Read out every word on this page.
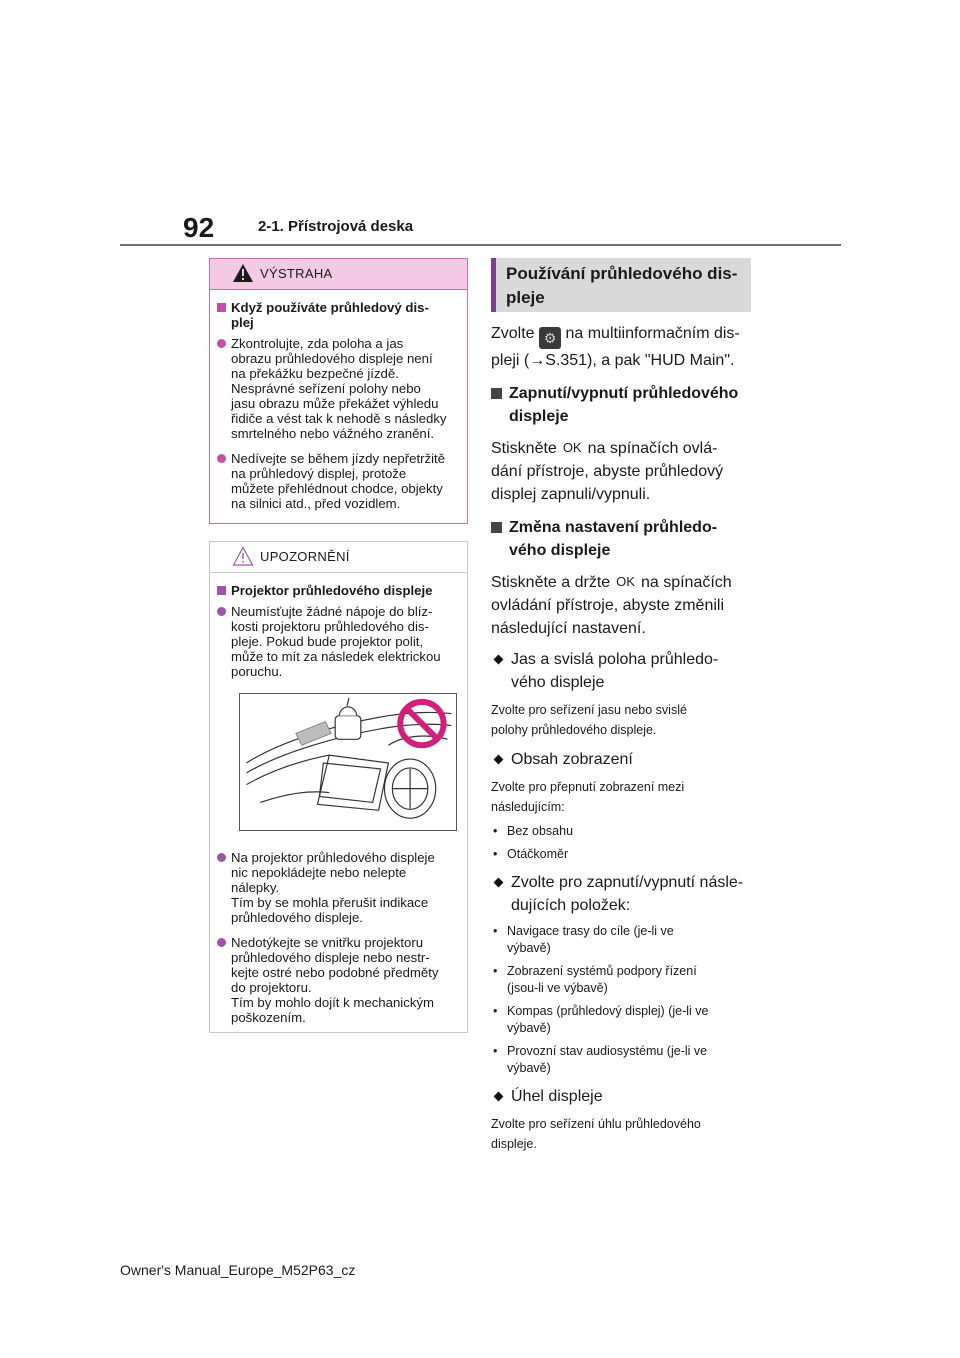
92	2-1. Přístrojová deska
VÝSTRAHA
Když používáte průhledový dis-
plej
Zkontrolujte, zda poloha a jas
obrazu průhledového displeje není
na překážku bezpečné jízdě.
Nesprávné seřízení polohy nebo
jasu obrazu může překážet výhledu
řidiče a vést tak k nehodě s následky
smrtelného nebo vážného zranění.
Nedívejte se během jízdy nepřetržitě
na průhledový displej, protože
můžete přehlédnout chodce, objekty
na silnici atd., před vozidlem.
UPOZORNĚNÍ
Projektor průhledového displeje
Neumísťujte žádné nápoje do blíz-
kosti projektoru průhledového dis-
pleje. Pokud bude projektor polit,
může to mít za následek elektrickou
poruchu.
Na projektor průhledového displeje
nic nepokládejte nebo nelepte
nálepky.
Tím by se mohla přerušit indikace
průhledového displeje.
Nedotýkejte se vnitřku projektoru
průhledového displeje nebo nestr-
kejte ostré nebo podobné předměty
do projektoru.
Tím by mohlo dojít k mechanickým
poškozením.
Používání průhledového dis-
pleje
Zvolte ⚙ na multiinformačním dis-
pleji (→S.351), a pak "HUD Main".
Zapnutí/vypnutí průhledového
displeje
Stiskněte OK na spínačích ovlá-
dání přístroje, abyste průhledový
displej zapnuli/vypnuli.
Změna nastavení průhledo-
vého displeje
Stiskněte a držte OK na spínačích
ovládání přístroje, abyste změnili
následující nastavení.
Jas a svislá poloha průhledo-
vého displeje
Zvolte pro seřízení jasu nebo svislé
polohy průhledového displeje.
Obsah zobrazení
Zvolte pro přepnutí zobrazení mezi
následujícím:
• Bez obsahu
• Otáčkoměr
Zvolte pro zapnutí/vypnutí násle-
dujících položek:
• Navigace trasy do cíle (je-li ve
výbavě)
• Zobrazení systémů podpory řízení
(jsou-li ve výbavě)
• Kompas (průhledový displej) (je-li ve
výbavě)
• Provozní stav audiosystému (je-li ve
výbavě)
Úhel displeje
Zvolte pro seřízení úhlu průhledového
displeje.
Owner's Manual_Europe_M52P63_cz
